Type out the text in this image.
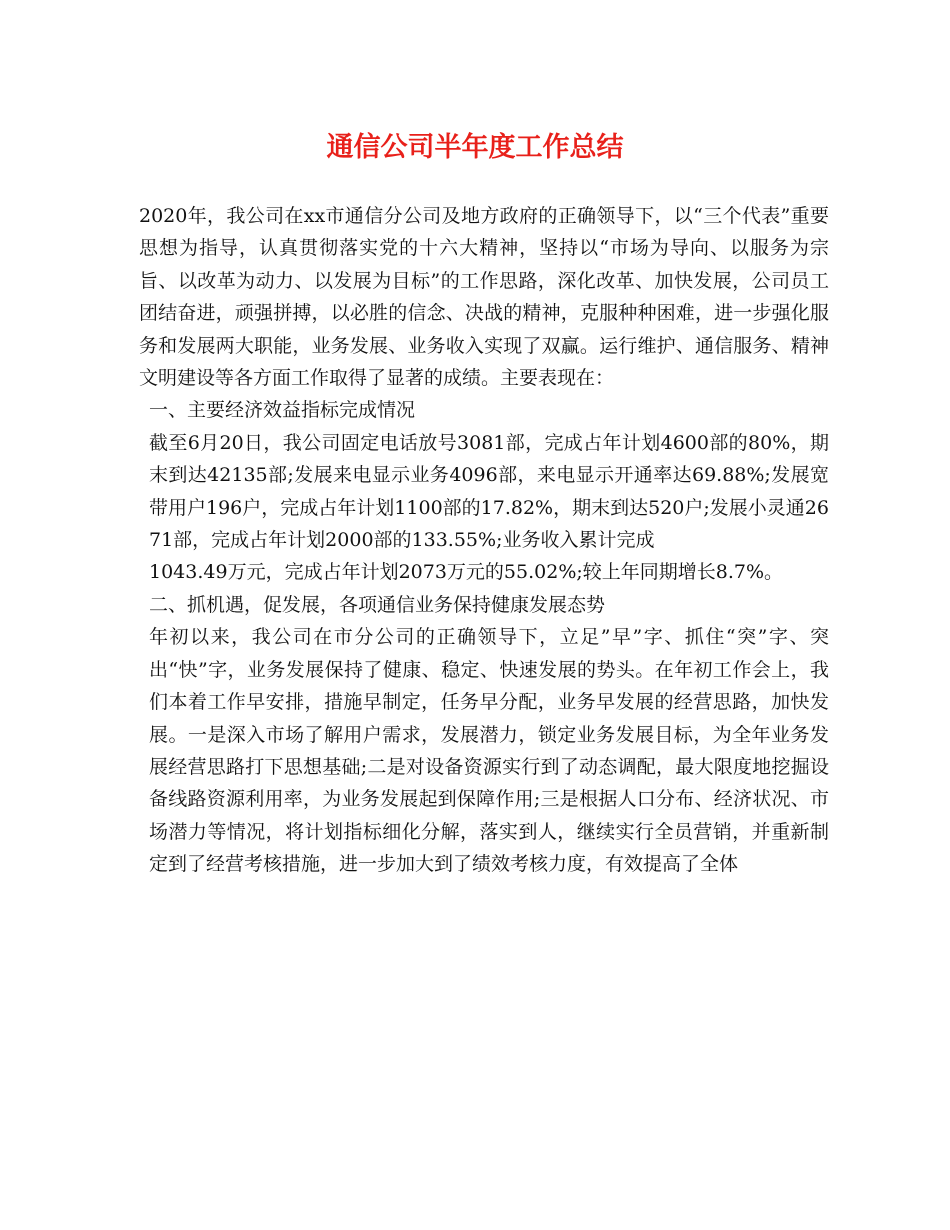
通信公司半年度工作总结

2020年，我公司在xx市通信分公司及地方政府的正确领导下，以“三个代表”重要思想为指导，认真贯彻落实党的十六大精神，坚持以“市场为导向、以服务为宗旨、以改革为动力、以发展为目标”的工作思路，深化改革、加快发展，公司员工团结奋进，顽强拼搏，以必胜的信念、决战的精神，克服种种困难，进一步强化服务和发展两大职能，业务发展、业务收入实现了双赢。运行维护、通信服务、精神文明建设等各方面工作取得了显著的成绩。主要表现在：

一、主要经济效益指标完成情况

截至6月20日，我公司固定电话放号3081部，完成占年计划4600部的80%，期末到达42135部;发展来电显示业务4096部，来电显示开通率达69.88%;发展宽带用户196户，完成占年计划1100部的17.82%，期末到达520户;发展小灵通2671部，完成占年计划2000部的133.55%;业务收入累计完成

1043.49万元，完成占年计划2073万元的55.02%;较上年同期增长8.7%。

二、抓机遇，促发展，各项通信业务保持健康发展态势

年初以来，我公司在市分公司的正确领导下，立足”早”字、抓住“突”字、突出“快”字，业务发展保持了健康、稳定、快速发展的势头。在年初工作会上，我们本着工作早安排，措施早制定，任务早分配，业务早发展的经营思路，加快发展。一是深入市场了解用户需求，发展潜力，锁定业务发展目标，为全年业务发展经营思路打下思想基础;二是对设备资源实行到了动态调配，最大限度地挖掘设备线路资源利用率，为业务发展起到保障作用;三是根据人口分布、经济状况、市场潜力等情况，将计划指标细化分解，落实到人，继续实行全员营销，并重新制定到了经营考核措施，进一步加大到了绩效考核力度，有效提高了全体
